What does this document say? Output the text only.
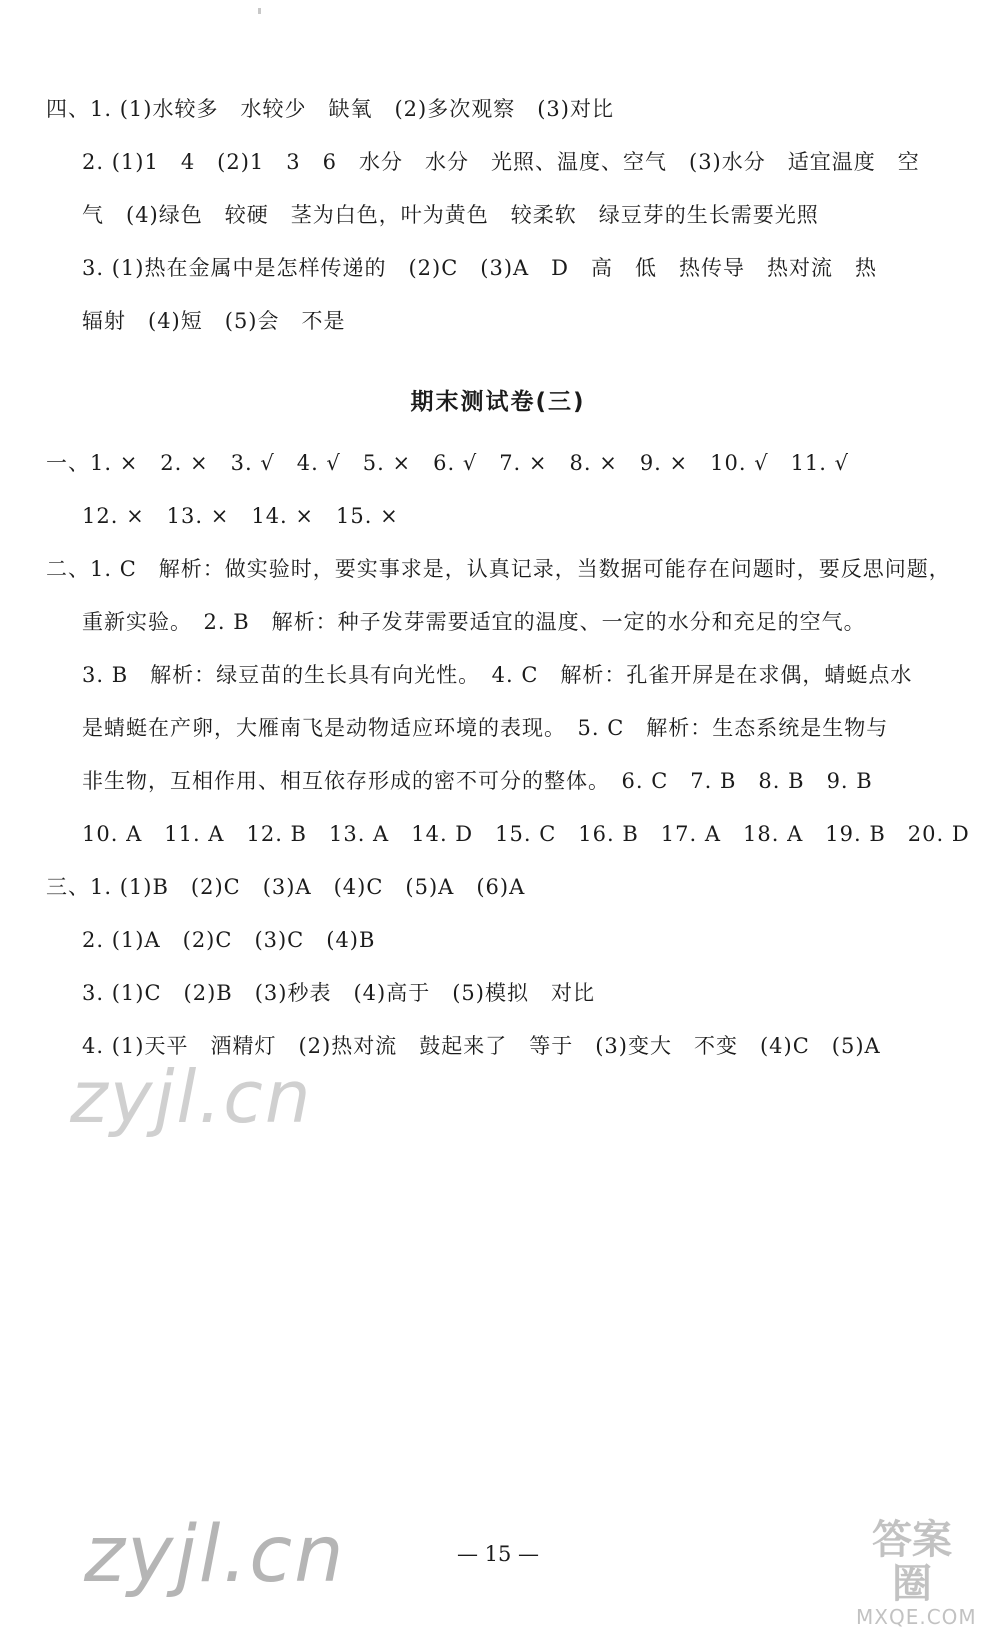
四、1. (1)水较多　水较少　缺氧　(2)多次观察　(3)对比
2. (1)1　4　(2)1　3　6　水分　水分　光照、温度、空气　(3)水分　适宜温度　空
气　(4)绿色　较硬　茎为白色，叶为黄色　较柔软　绿豆芽的生长需要光照
3. (1)热在金属中是怎样传递的　(2)C　(3)A　D　高　低　热传导　热对流　热
辐射　(4)短　(5)会　不是
期末测试卷(三)
一、1. ×　2. ×　3. √　4. √　5. ×　6. √　7. ×　8. ×　9. ×　10. √　11. √
12. ×　13. ×　14. ×　15. ×
二、1. C　解析：做实验时，要实事求是，认真记录，当数据可能存在问题时，要反思问题，
重新实验。　2. B　解析：种子发芽需要适宜的温度、一定的水分和充足的空气。
3. B　解析：绿豆苗的生长具有向光性。　4. C　解析：孔雀开屏是在求偶，蜻蜓点水
是蜻蜓在产卵，大雁南飞是动物适应环境的表现。　5. C　解析：生态系统是生物与
非生物，互相作用、相互依存形成的密不可分的整体。　6. C　7. B　8. B　9. B
10. A　11. A　12. B　13. A　14. D　15. C　16. B　17. A　18. A　19. B　20. D
三、1. (1)B　(2)C　(3)A　(4)C　(5)A　(6)A
2. (1)A　(2)C　(3)C　(4)B
3. (1)C　(2)B　(3)秒表　(4)高于　(5)模拟　对比
4. (1)天平　酒精灯　(2)热对流　鼓起来了　等于　(3)变大　不变　(4)C　(5)A
zyjl.cn
zyjl.cn	答案圈
MXQE.COM
— 15 —
